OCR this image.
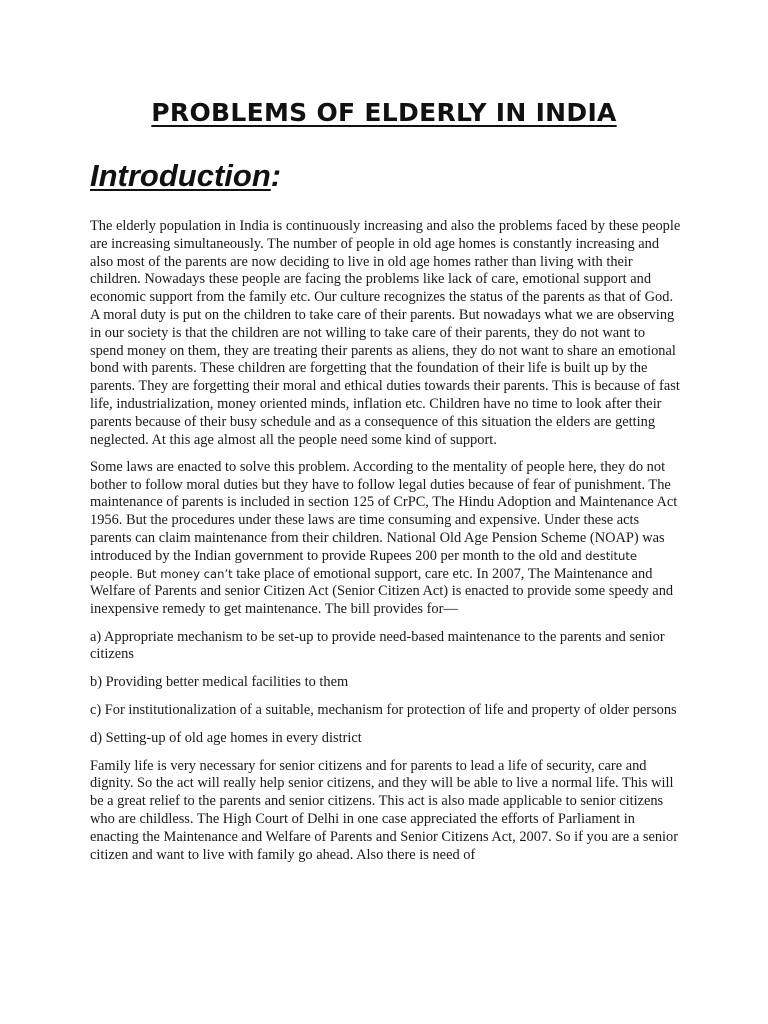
PROBLEMS OF ELDERLY IN INDIA
Introduction:

The elderly population in India is continuously increasing and also the problems faced by these people are increasing simultaneously. The number of people in old age homes is constantly increasing and also most of the parents are now deciding to live in old age homes rather than living with their children. Nowadays these people are facing the problems like lack of care, emotional support and economic support from the family etc. Our culture recognizes the status of the parents as that of God. A moral duty is put on the children to take care of their parents. But nowadays what we are observing in our society is that the children are not willing to take care of their parents, they do not want to spend money on them, they are treating their parents as aliens, they do not want to share an emotional bond with parents. These children are forgetting that the foundation of their life is built up by the parents. They are forgetting their moral and ethical duties towards their parents. This is because of fast life, industrialization, money oriented minds, inflation etc. Children have no time to look after their parents because of their busy schedule and as a consequence of this situation the elders are getting neglected. At this age almost all the people need some kind of support.

Some laws are enacted to solve this problem. According to the mentality of people here, they do not bother to follow moral duties but they have to follow legal duties because of fear of punishment. The maintenance of parents is included in section 125 of CrPC, The Hindu Adoption and Maintenance Act 1956. But the procedures under these laws are time consuming and expensive. Under these acts parents can claim maintenance from their children. National Old Age Pension Scheme (NOAP) was introduced by the Indian government to provide Rupees 200 per month to the old and destitute people. But money can’t take place of emotional support, care etc. In 2007, The Maintenance and Welfare of Parents and senior Citizen Act (Senior Citizen Act) is enacted to provide some speedy and inexpensive remedy to get maintenance. The bill provides for—

a) Appropriate mechanism to be set-up to provide need-based maintenance to the parents and senior citizens

b) Providing better medical facilities to them

c) For institutionalization of a suitable, mechanism for protection of life and property of older persons

d) Setting-up of old age homes in every district

Family life is very necessary for senior citizens and for parents to lead a life of security, care and dignity. So the act will really help senior citizens, and they will be able to live a normal life. This will be a great relief to the parents and senior citizens. This act is also made applicable to senior citizens who are childless. The High Court of Delhi in one case appreciated the efforts of Parliament in enacting the Maintenance and Welfare of Parents and Senior Citizens Act, 2007. So if you are a senior citizen and want to live with family go ahead. Also there is need of
